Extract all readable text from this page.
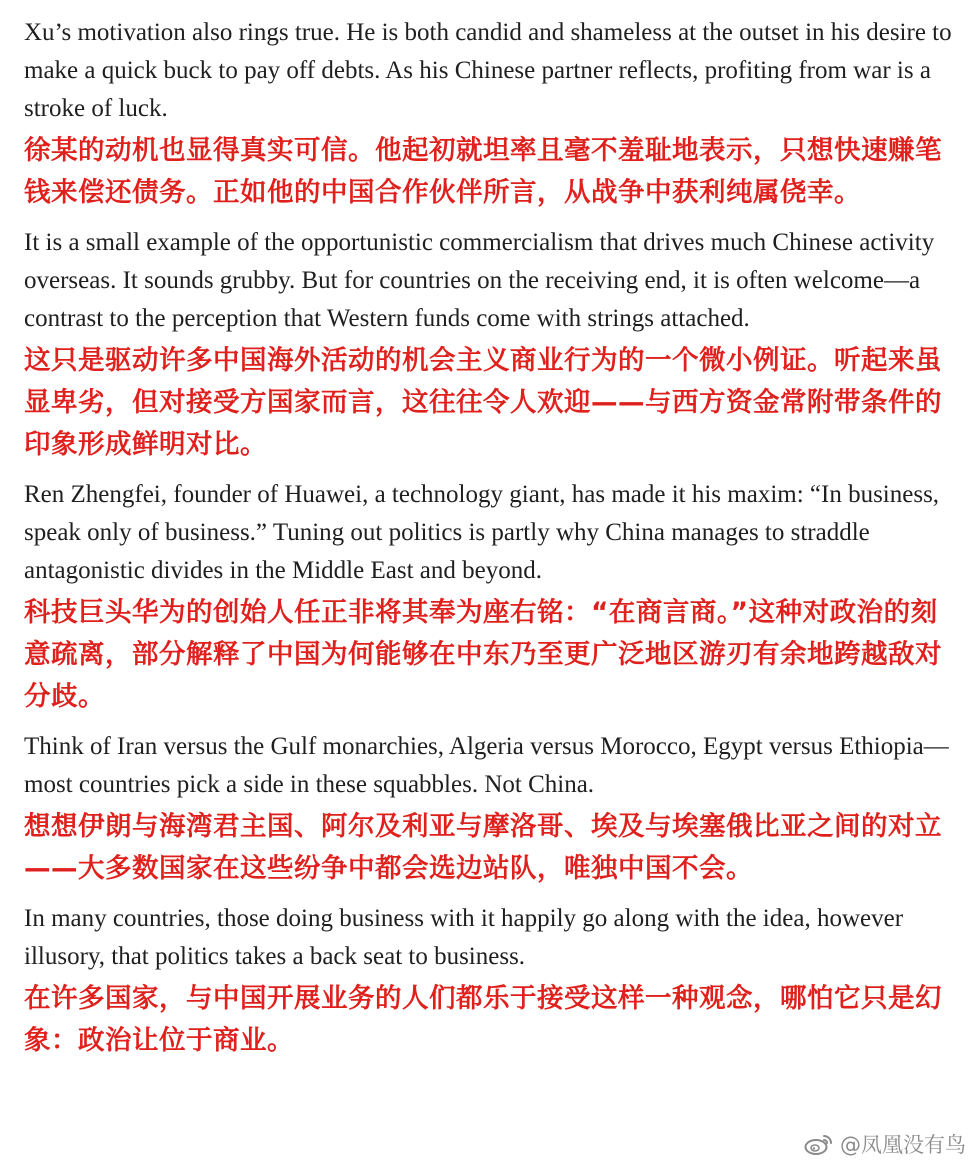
Xu’s motivation also rings true. He is both candid and shameless at the outset in his desire to make a quick buck to pay off debts. As his Chinese partner reflects, profiting from war is a stroke of luck.

徐某的动机也显得真实可信。他起初就坦率且毫不羞耻地表示，只想快速赚笔钱来偿还债务。正如他的中国合作伙伴所言，从战争中获利纯属侥幸。

It is a small example of the opportunistic commercialism that drives much Chinese activity overseas. It sounds grubby. But for countries on the receiving end, it is often welcome—a contrast to the perception that Western funds come with strings attached.

这只是驱动许多中国海外活动的机会主义商业行为的一个微小例证。听起来虽显卑劣，但对接受方国家而言，这往往令人欢迎——与西方资金常附带条件的印象形成鲜明对比。

Ren Zhengfei, founder of Huawei, a technology giant, has made it his maxim: “In business, speak only of business.” Tuning out politics is partly why China manages to straddle antagonistic divides in the Middle East and beyond.

科技巨头华为的创始人任正非将其奉为座右铭：“在商言商。”这种对政治的刻意疏离，部分解释了中国为何能够在中东乃至更广泛地区游刃有余地跨越敌对分歧。

Think of Iran versus the Gulf monarchies, Algeria versus Morocco, Egypt versus Ethiopia—most countries pick a side in these squabbles. Not China.

想想伊朗与海湾君主国、阿尔及利亚与摩洛哥、埃及与埃塞俄比亚之间的对立——大多数国家在这些纷争中都会选边站队，唯独中国不会。

In many countries, those doing business with it happily go along with the idea, however illusory, that politics takes a back seat to business.

在许多国家，与中国开展业务的人们都乐于接受这样一种观念，哪怕它只是幻象：政治让位于商业。

@凤凰没有鸟
